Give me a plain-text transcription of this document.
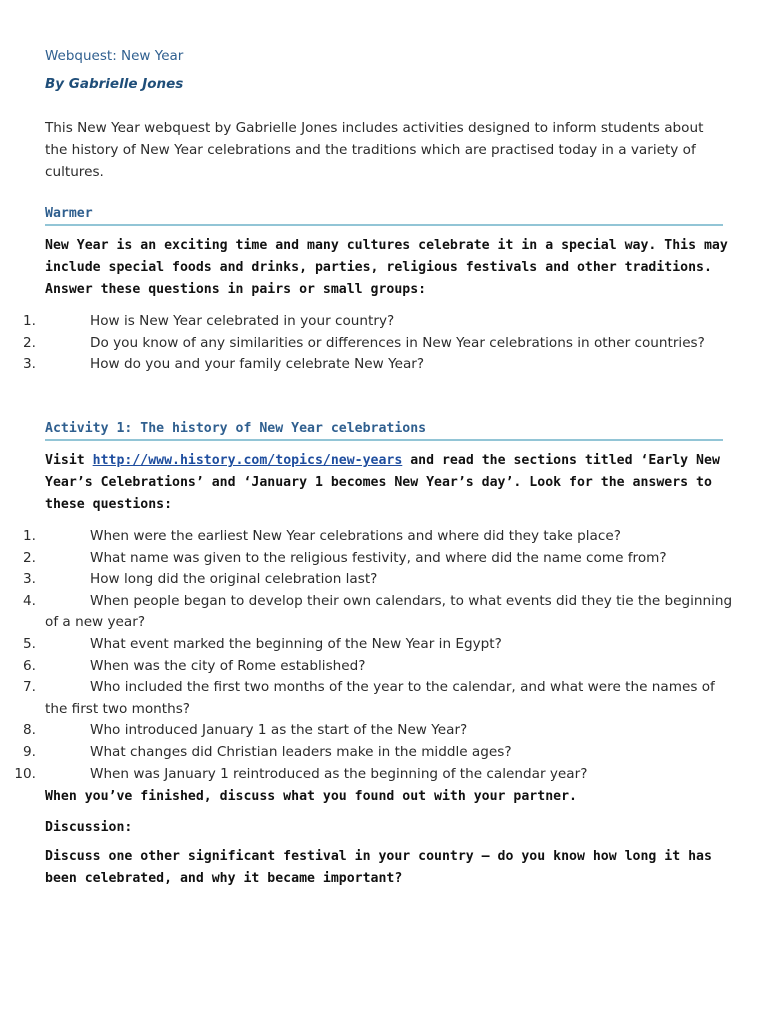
Webquest: New Year
By Gabrielle Jones

This New Year webquest by Gabrielle Jones includes activities designed to inform students about the history of New Year celebrations and the traditions which are practised today in a variety of cultures.

Warmer

New Year is an exciting time and many cultures celebrate it in a special way. This may include special foods and drinks, parties, religious festivals and other traditions. Answer these questions in pairs or small groups:

1.	How is New Year celebrated in your country?
2.	Do you know of any similarities or differences in New Year celebrations in other countries?
3.	How do you and your family celebrate New Year?
Activity 1: The history of New Year celebrations

Visit http://www.history.com/topics/new-years and read the sections titled ‘Early New Year’s Celebrations’ and ‘January 1 becomes New Year’s day’. Look for the answers to these questions:

1.	When were the earliest New Year celebrations and where did they take place?
2.	What name was given to the religious festivity, and where did the name come from?
3.	How long did the original celebration last?
4.	When people began to develop their own calendars, to what events did they tie the beginning of a new year?
5.	What event marked the beginning of the New Year in Egypt?
6.	When was the city of Rome established?
7.	Who included the first two months of the year to the calendar, and what were the names of the first two months?
8.	Who introduced January 1 as the start of the New Year?
9.	What changes did Christian leaders make in the middle ages?
10.	When was January 1 reintroduced as the beginning of the calendar year?

When you’ve finished, discuss what you found out with your partner.

Discussion:

Discuss one other significant festival in your country – do you know how long it has been celebrated, and why it became important?
